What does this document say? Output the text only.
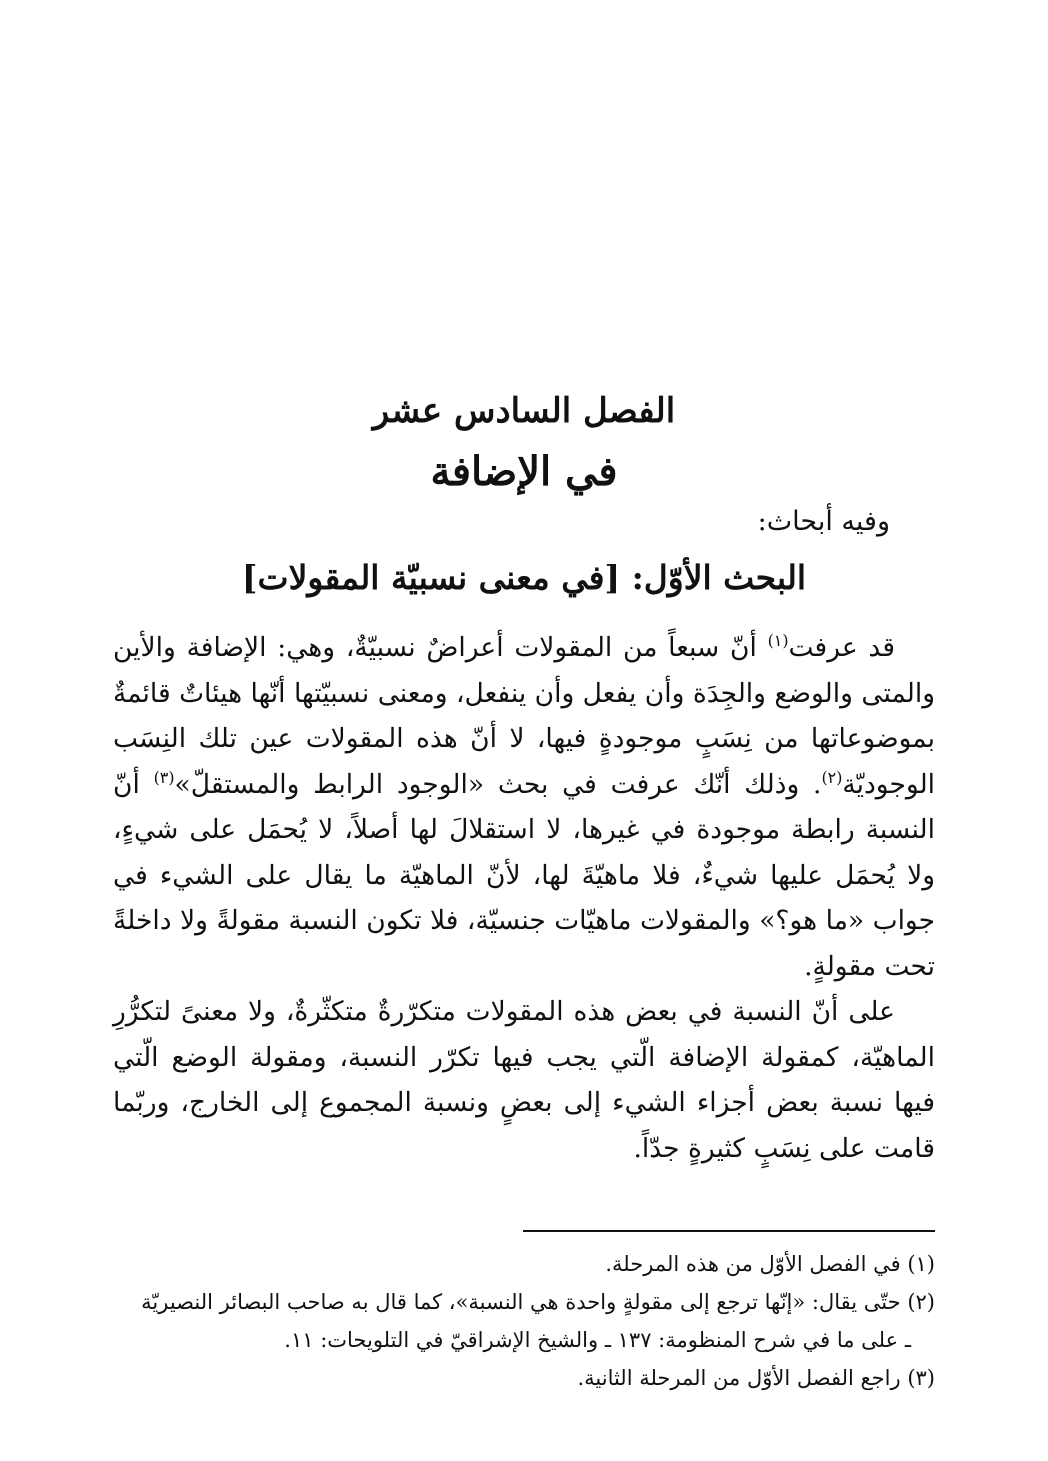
الفصل السادس عشر
في الإضافة

وفيه أبحاث:

البحث الأوّل: [في معنى نسبيّة المقولات]

قد عرفت$^{(١)}$ أنّ سبعاً من المقولات أعراضٌ نسبيّةٌ، وهي: الإضافة والأين والمتى والوضع والجِدَة وأن يفعل وأن ينفعل، ومعنى نسبيّتها أنّها هيئاتٌ قائمةٌ بموضوعاتها من نِسَبٍ موجودةٍ فيها، لا أنّ هذه المقولات عين تلك النِسَب الوجوديّة$^{(٢)}$. وذلك أنّك عرفت في بحث «الوجود الرابط والمستقلّ»$^{(٣)}$ أنّ النسبة رابطة موجودة في غيرها، لا استقلالَ لها أصلاً، لا يُحمَل على شيءٍ، ولا يُحمَل عليها شيءٌ، فلا ماهيّةَ لها، لأنّ الماهيّة ما يقال على الشيء في جواب «ما هو؟» والمقولات ماهيّات جنسيّة، فلا تكون النسبة مقولةً ولا داخلةً تحت مقولةٍ.

على أنّ النسبة في بعض هذه المقولات متكرّرةٌ متكثّرةٌ، ولا معنىً لتكرُّرِ الماهيّة، كمقولة الإضافة الّتي يجب فيها تكرّر النسبة، ومقولة الوضع الّتي فيها نسبة بعض أجزاء الشيء إلى بعضٍ ونسبة المجموع إلى الخارج، وربّما قامت على نِسَبٍ كثيرةٍ جدّاً.

(١) في الفصل الأوّل من هذه المرحلة.
(٢) حتّى يقال: «إنّها ترجع إلى مقولةٍ واحدة هي النسبة»، كما قال به صاحب البصائر النصيريّة
ـ على ما في شرح المنظومة: ١٣٧ ـ والشيخ الإشراقيّ في التلويحات: ١١.
(٣) راجع الفصل الأوّل من المرحلة الثانية.
